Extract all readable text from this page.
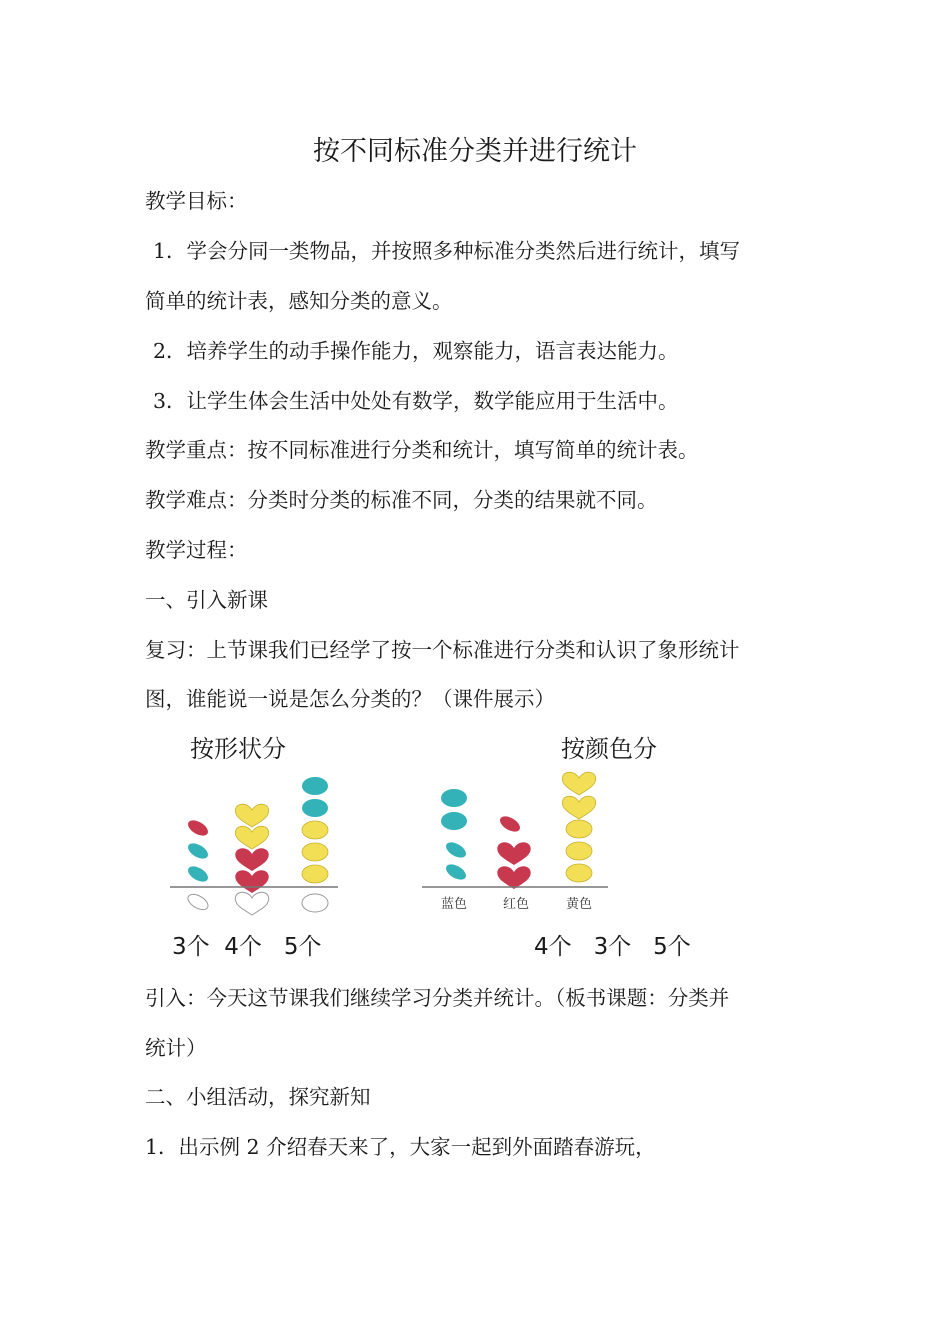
按不同标准分类并进行统计
教学目标：
1．学会分同一类物品，并按照多种标准分类然后进行统计，填写
简单的统计表，感知分类的意义。
2．培养学生的动手操作能力，观察能力，语言表达能力。
3．让学生体会生活中处处有数学，数学能应用于生活中。
教学重点：按不同标准进行分类和统计，填写简单的统计表。
教学难点：分类时分类的标准不同，分类的结果就不同。
教学过程：
一、引入新课
复习：上节课我们已经学了按一个标准进行分类和认识了象形统计
图，谁能说一说是怎么分类的？（课件展示）
按形状分
3个  4个   5个
按颜色分
蓝色	红色	黄色
4个   3个   5个
引入：今天这节课我们继续学习分类并统计。（板书课题：分类并
统计）
二、小组活动，探究新知
1．出示例 2 介绍春天来了，大家一起到外面踏春游玩，
